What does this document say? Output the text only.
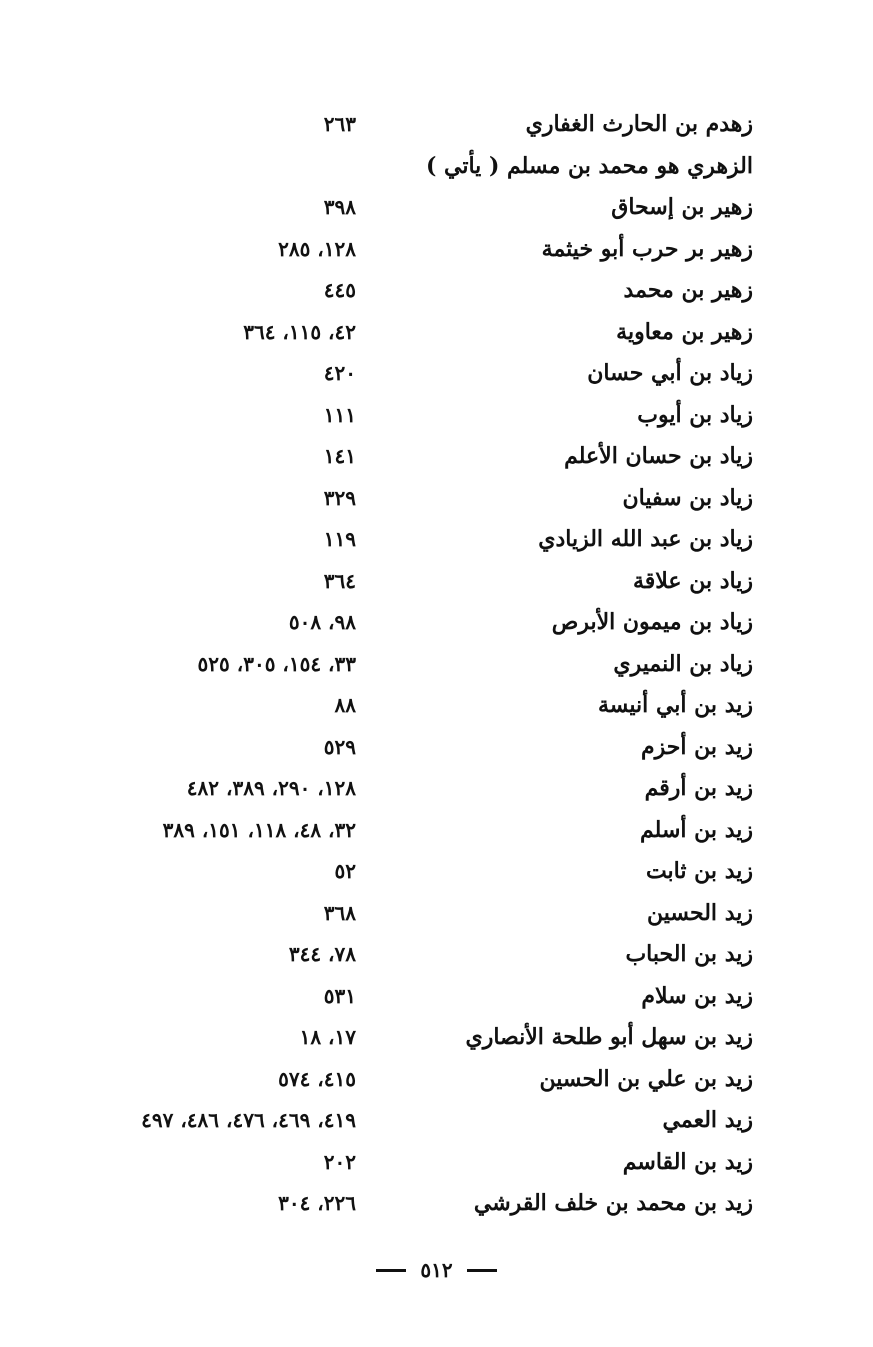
زهدم بن الحارث الغفاري
٢٦٣
الزهري هو محمد بن مسلم ( يأتي )
زهير بن إسحاق
٣٩٨
زهير بر حرب أبو خيثمة
١٢٨، ٢٨٥
زهير بن محمد
٤٤٥
زهير بن معاوية
٤٢، ١١٥، ٣٦٤
زياد بن أبي حسان
٤٢٠
زياد بن أيوب
١١١
زياد بن حسان الأعلم
١٤١
زياد بن سفيان
٣٢٩
زياد بن عبد الله الزيادي
١١٩
زياد بن علاقة
٣٦٤
زياد بن ميمون الأبرص
٩٨، ٥٠٨
زياد بن النميري
٣٣، ١٥٤، ٣٠٥، ٥٢٥
زيد بن أبي أنيسة
٨٨
زيد بن أحزم
٥٢٩
زيد بن أرقم
١٢٨، ٢٩٠، ٣٨٩، ٤٨٢
زيد بن أسلم
٣٢، ٤٨، ١١٨، ١٥١، ٣٨٩
زيد بن ثابت
٥٢
زيد الحسين
٣٦٨
زيد بن الحباب
٧٨، ٣٤٤
زيد بن سلام
٥٣١
زيد بن سهل أبو طلحة الأنصاري
١٧، ١٨
زيد بن علي بن الحسين
٤١٥، ٥٧٤
زيد العمي
٤١٩، ٤٦٩، ٤٧٦، ٤٨٦، ٤٩٧
زيد بن القاسم
٢٠٢
زيد بن محمد بن خلف القرشي
٢٢٦، ٣٠٤
٥١٢
